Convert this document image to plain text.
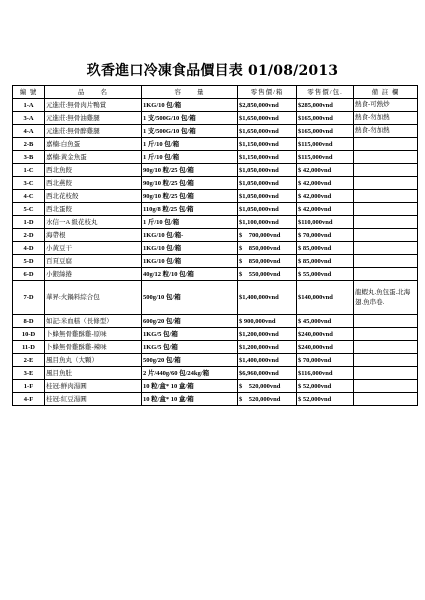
玖香進口冷凍食品價目表 01/08/2013
編 號	品　　名	容　　量	零售價/箱	零售價/包.	備 註 欄
1-A	元進莊:無骨肉片鴨賞	1KG/10 包/箱	$2,850,000vnd	$285,000vnd	熱食-可熱炒
3-A	元進莊:無骨油雞腿	1 支/500G/10 包/箱	$1,650,000vnd	$165,000vnd	熱食-勿加熱
4-A	元進莊:無骨醉雞腿	1 支/500G/10 包/箱	$1,650,000vnd	$165,000vnd	熱食-勿加熱
2-B	嘉楠:白魚蛋	1 斤/10 包/箱	$1,150,000vnd	$115,000vnd	
3-B	嘉楠:黃金魚蛋	1 斤/10 包/箱	$1,150,000vnd	$115,000vnd	
1-C	西北魚餃	90g/10 粒/25 包/箱	$1,050,000vnd	$ 42,000vnd	
3-C	西北燕餃	90g/10 粒/25 包/箱	$1,050,000vnd	$ 42,000vnd	
4-C	西北花枝餃	90g/10 粒/25 包/箱	$1,050,000vnd	$ 42,000vnd	
5-C	西北蛋餃	110g/8 粒/25 包/箱	$1,050,000vnd	$ 42,000vnd	
1-D	水信一A 級花枝丸	1 斤/10 包/箱	$1,100,000vnd	$110,000vnd	
2-D	海帶根	1KG/10 包/箱-	$　700,000vnd	$ 70,000vnd	
4-D	小黃豆干	1KG/10 包/箱	$　850,000vnd	$ 85,000vnd	
5-D	百頁豆腐	1KG/10 包/箱	$　850,000vnd	$ 85,000vnd	
6-D	小銀絲捲	40g/12 粒/10 包/箱	$　550,000vnd	$ 55,000vnd	
7-D	華昇:火鍋料綜合包	500g/10 包/箱	$1,400,000vnd	$140,000vnd	龍蝦丸.魚包蛋.北海翅.魚串卷.
8-D	如記:米血糕（長條型）	600g/20 包/箱	$ 900,000vnd	$ 45,000vnd	
10-D	卜蜂無骨雞酥雞-原味	1KG/5 包/箱	$1,200,000vnd	$240,000vnd	
11-D	卜蜂無骨雞酥雞-辣味	1KG/5 包/箱	$1,200,000vnd	$240,000vnd	
2-E	風目魚丸（大顆）	500g/20 包/箱	$1,400,000vnd	$ 70,000vnd	
3-E	風目魚肚	2 片/440g/60 包/24kg/箱	$6,960,000vnd	$116,000vnd	
1-F	桂冠:鮮肉湯圓	10 粒/盒* 10 盒/箱	$　520,000vnd	$ 52,000vnd	
4-F	桂冠:紅豆湯圓	10 粒/盒* 10 盒/箱	$　520,000vnd	$ 52,000vnd	
